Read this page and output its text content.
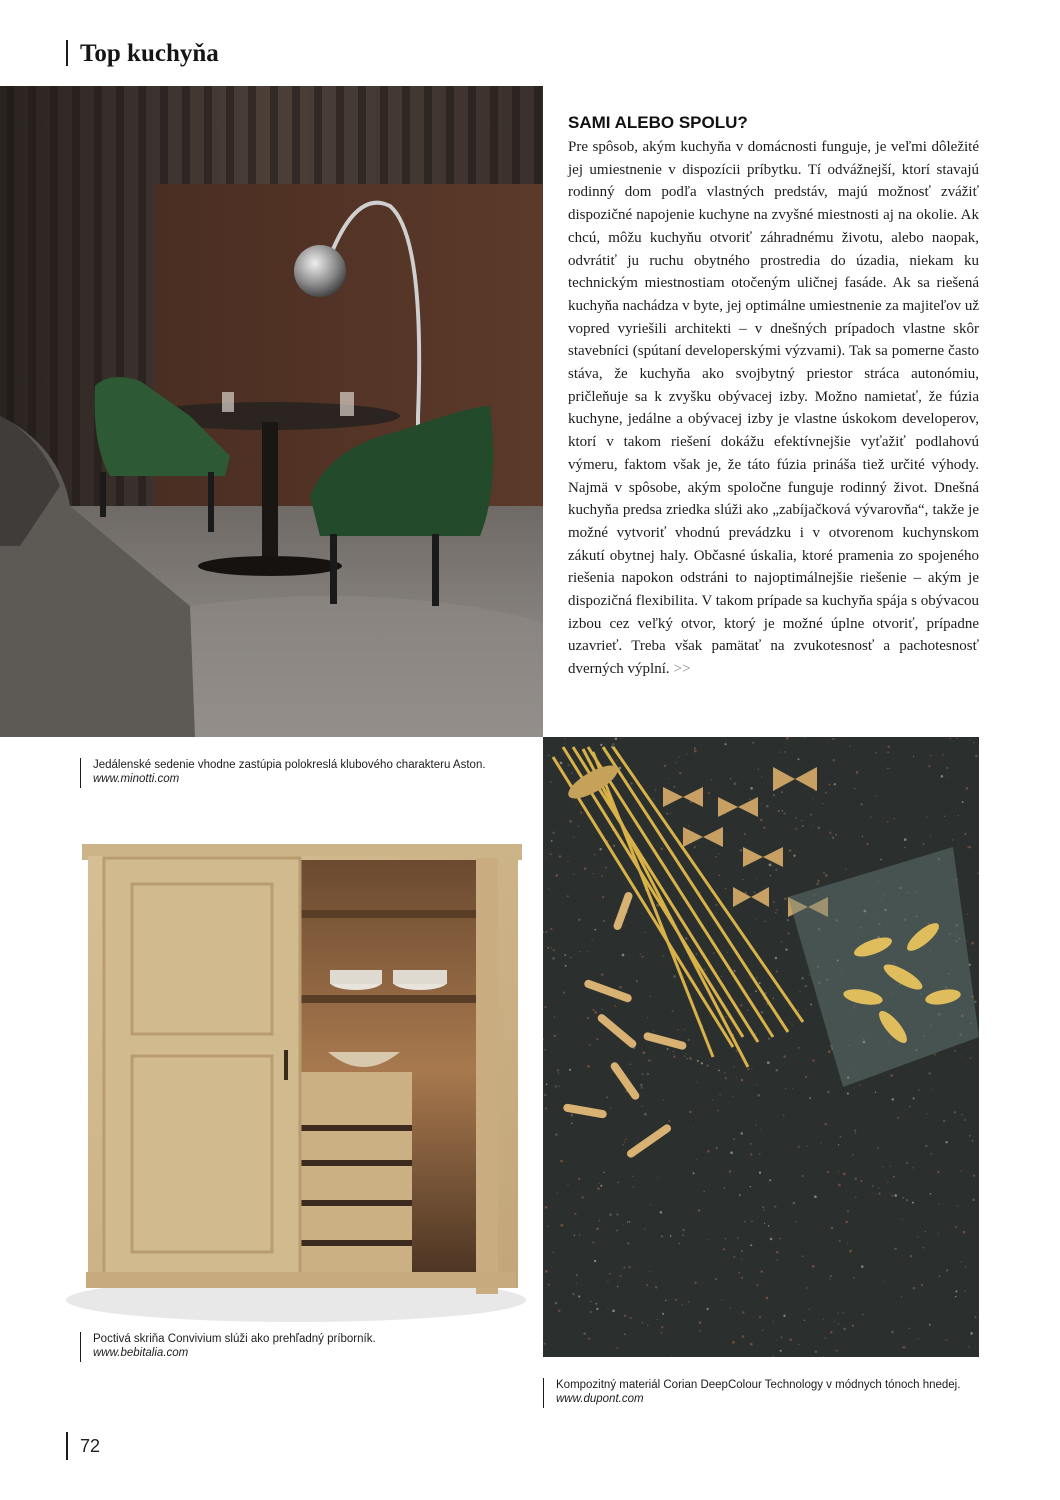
Top kuchyňa
SAMI ALEBO SPOLU?

Pre spôsob, akým kuchyňa v domácnosti funguje, je veľmi dôležité jej umiestnenie v dispozícii príbytku. Tí odvážnejší, ktorí stavajú rodinný dom podľa vlastných predstáv, majú možnosť zvážiť dispozičné napojenie kuchyne na zvyšné miestnosti aj na okolie. Ak chcú, môžu kuchyňu otvoriť záhradnému životu, alebo naopak, odvrátiť ju ruchu obytného prostredia do úzadia, niekam ku technickým miestnostiam otočeným uličnej fasáde. Ak sa riešená kuchyňa nachádza v byte, jej optimálne umiestnenie za majiteľov už vopred vyriešili architekti – v dnešných prípadoch vlastne skôr stavebníci (spútaní developerskými výzvami). Tak sa pomerne často stáva, že kuchyňa ako svojbytný priestor stráca autonómiu, pričleňuje sa k zvyšku obývacej izby. Možno namietať, že fúzia kuchyne, jedálne a obývacej izby je vlastne úskokom developerov, ktorí v takom riešení dokážu efektívnejšie vyťažiť podlahovú výmeru, faktom však je, že táto fúzia prináša tiež určité výhody. Najmä v spôsobe, akým spoločne funguje rodinný život. Dnešná kuchyňa predsa zriedka slúži ako „zabíjačková vývarovňa“, takže je možné vytvoriť vhodnú prevádzku i v otvorenom kuchynskom zákutí obytnej haly. Občasné úskalia, ktoré pramenia zo spojeného riešenia napokon odstráni to najoptimálnejšie riešenie – akým je dispozičná flexibilita. V takom prípade sa kuchyňa spája s obývacou izbou cez veľký otvor, ktorý je možné úplne otvoriť, prípadne uzavrieť. Treba však pamätať na zvukotesnosť a pachotesnosť dverných výplní. >>

Jedálenské sedenie vhodne zastúpia polokreslá klubového charakteru Aston.
www.minotti.com
Poctivá skriňa Convivium slúži ako prehľadný príborník.
www.bebitalia.com
Kompozitný materiál Corian DeepColour Technology v módnych tónoch hnedej.
www.dupont.com
72
